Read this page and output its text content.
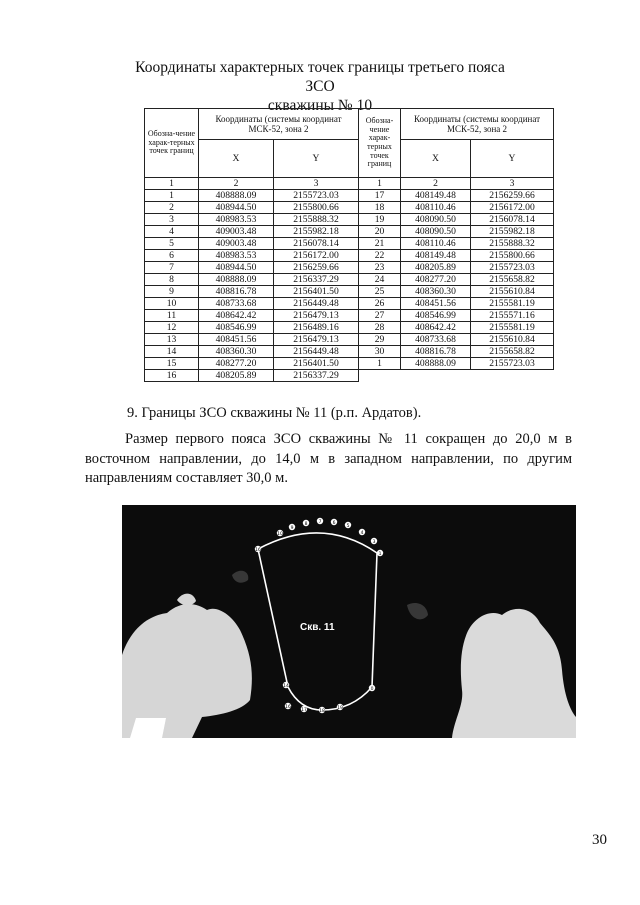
Координаты характерных точек границы третьего пояса ЗСО
скважины № 10
Обозна-чение харак-терных точек границ	Координаты (системы координат МСК-52, зона 2		Обозна-чение харак-терных точек границ	Координаты (системы координат МСК-52, зона 2	
	X	Y		X	Y
1	2	3	1	2	3
1	408888.09	2155723.03	17	408149.48	2156259.66
2	408944.50	2155800.66	18	408110.46	2156172.00
3	408983.53	2155888.32	19	408090.50	2156078.14
4	409003.48	2155982.18	20	408090.50	2155982.18
5	409003.48	2156078.14	21	408110.46	2155888.32
6	408983.53	2156172.00	22	408149.48	2155800.66
7	408944.50	2156259.66	23	408205.89	2155723.03
8	408888.09	2156337.29	24	408277.20	2155658.82
9	408816.78	2156401.50	25	408360.30	2155610.84
10	408733.68	2156449.48	26	408451.56	2155581.19
11	408642.42	2156479.13	27	408546.99	2155571.16
12	408546.99	2156489.16	28	408642.42	2155581.19
13	408451.56	2156479.13	29	408733.68	2155610.84
14	408360.30	2156449.48	30	408816.78	2155658.82
15	408277.20	2156401.50	1	408888.09	2155723.03
16	408205.89	2156337.29			
9. Границы ЗСО скважины № 11 (р.п. Ардатов).
Размер первого пояса ЗСО скважины № 11 сокращен до 20,0 м в восточном направлении, до 14,0 м в западном направлении, по другим направлениям составляет 30,0 м.
10
9
8 7 6
5
4
3
16
1
14
0
16
17	18
19
Скв. 11
30
